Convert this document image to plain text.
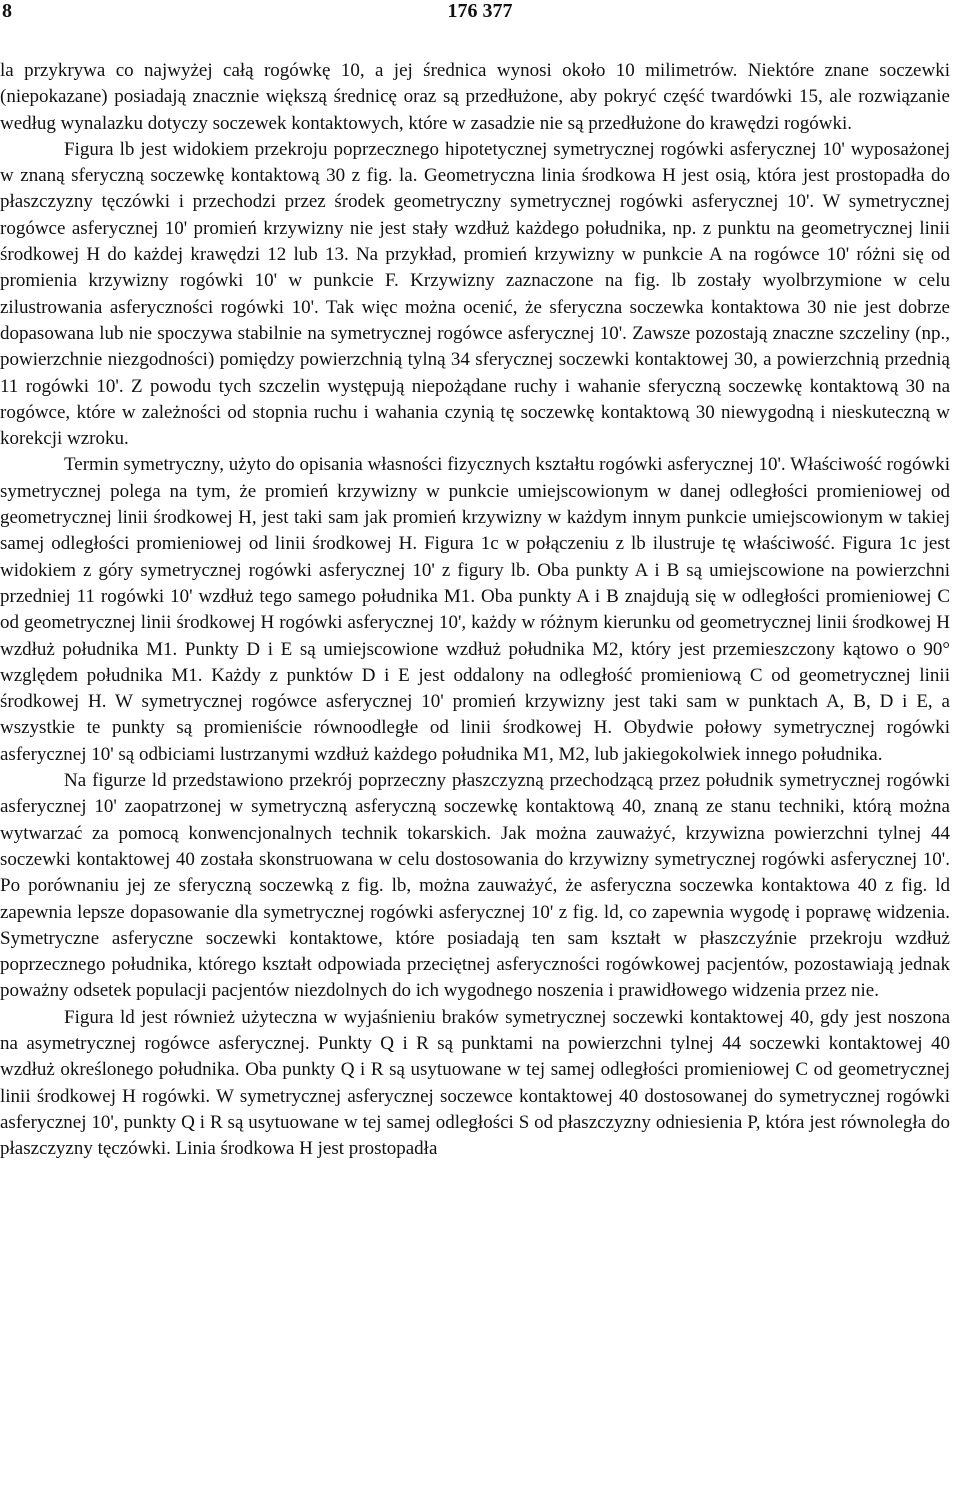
8	176 377

la przykrywa co najwyżej całą rogówkę 10, a jej średnica wynosi około 10 milimetrów. Niektóre znane soczewki (niepokazane) posiadają znacznie większą średnicę oraz są przedłużone, aby pokryć część twardówki 15, ale rozwiązanie według wynalazku dotyczy soczewek kontaktowych, które w zasadzie nie są przedłużone do krawędzi rogówki.

Figura lb jest widokiem przekroju poprzecznego hipotetycznej symetrycznej rogówki asferycznej 10' wyposażonej w znaną sferyczną soczewkę kontaktową 30 z fig. la. Geometryczna linia środkowa H jest osią, która jest prostopadła do płaszczyzny tęczówki i przechodzi przez środek geometryczny symetrycznej rogówki asferycznej 10'. W symetrycznej rogówce asferycznej 10' promień krzywizny nie jest stały wzdłuż każdego południka, np. z punktu na geometrycznej linii środkowej H do każdej krawędzi 12 lub 13. Na przykład, promień krzywizny w punkcie A na rogówce 10' różni się od promienia krzywizny rogówki 10' w punkcie F. Krzywizny zaznaczone na fig. lb zostały wyolbrzymione w celu zilustrowania asferyczności rogówki 10'. Tak więc można ocenić, że sferyczna soczewka kontaktowa 30 nie jest dobrze dopasowana lub nie spoczywa stabilnie na symetrycznej rogówce asferycznej 10'. Zawsze pozostają znaczne szczeliny (np., powierzchnie niezgodności) pomiędzy powierzchnią tylną 34 sferycznej soczewki kontaktowej 30, a powierzchnią przednią 11 rogówki 10'. Z powodu tych szczelin występują niepożądane ruchy i wahanie sferyczną soczewkę kontaktową 30 na rogówce, które w zależności od stopnia ruchu i wahania czynią tę soczewkę kontaktową 30 niewygodną i nieskuteczną w korekcji wzroku.

Termin symetryczny, użyto do opisania własności fizycznych kształtu rogówki asferycznej 10'. Właściwość rogówki symetrycznej polega na tym, że promień krzywizny w punkcie umiejscowionym w danej odległości promieniowej od geometrycznej linii środkowej H, jest taki sam jak promień krzywizny w każdym innym punkcie umiejscowionym w takiej samej odległości promieniowej od linii środkowej H. Figura 1c w połączeniu z lb ilustruje tę właściwość. Figura 1c jest widokiem z góry symetrycznej rogówki asferycznej 10' z figury lb. Oba punkty A i B są umiejscowione na powierzchni przedniej 11 rogówki 10' wzdłuż tego samego południka M1. Oba punkty A i B znajdują się w odległości promieniowej C od geometrycznej linii środkowej H rogówki asferycznej 10', każdy w różnym kierunku od geometrycznej linii środkowej H wzdłuż południka M1. Punkty D i E są umiejscowione wzdłuż południka M2, który jest przemieszczony kątowo o 90° względem południka M1. Każdy z punktów D i E jest oddalony na odległość promieniową C od geometrycznej linii środkowej H. W symetrycznej rogówce asferycznej 10' promień krzywizny jest taki sam w punktach A, B, D i E, a wszystkie te punkty są promieniście równoodległe od linii środkowej H. Obydwie połowy symetrycznej rogówki asferycznej 10' są odbiciami lustrzanymi wzdłuż każdego południka M1, M2, lub jakiegokolwiek innego południka.

Na figurze ld przedstawiono przekrój poprzeczny płaszczyzną przechodzącą przez południk symetrycznej rogówki asferycznej 10' zaopatrzonej w symetryczną asferyczną soczewkę kontaktową 40, znaną ze stanu techniki, którą można wytwarzać za pomocą konwencjonalnych technik tokarskich. Jak można zauważyć, krzywizna powierzchni tylnej 44 soczewki kontaktowej 40 została skonstruowana w celu dostosowania do krzywizny symetrycznej rogówki asferycznej 10'. Po porównaniu jej ze sferyczną soczewką z fig. lb, można zauważyć, że asferyczna soczewka kontaktowa 40 z fig. ld zapewnia lepsze dopasowanie dla symetrycznej rogówki asferycznej 10' z fig. ld, co zapewnia wygodę i poprawę widzenia. Symetryczne asferyczne soczewki kontaktowe, które posiadają ten sam kształt w płaszczyźnie przekroju wzdłuż poprzecznego południka, którego kształt odpowiada przeciętnej asferyczności rogówkowej pacjentów, pozostawiają jednak poważny odsetek populacji pacjentów niezdolnych do ich wygodnego noszenia i prawidłowego widzenia przez nie.

Figura ld jest również użyteczna w wyjaśnieniu braków symetrycznej soczewki kontaktowej 40, gdy jest noszona na asymetrycznej rogówce asferycznej. Punkty Q i R są punktami na powierzchni tylnej 44 soczewki kontaktowej 40 wzdłuż określonego południka. Oba punkty Q i R są usytuowane w tej samej odległości promieniowej C od geometrycznej linii środkowej H rogówki. W symetrycznej asferycznej soczewce kontaktowej 40 dostosowanej do symetrycznej rogówki asferycznej 10', punkty Q i R są usytuowane w tej samej odległości S od płaszczyzny odniesienia P, która jest równoległa do płaszczyzny tęczówki. Linia środkowa H jest prostopadła
